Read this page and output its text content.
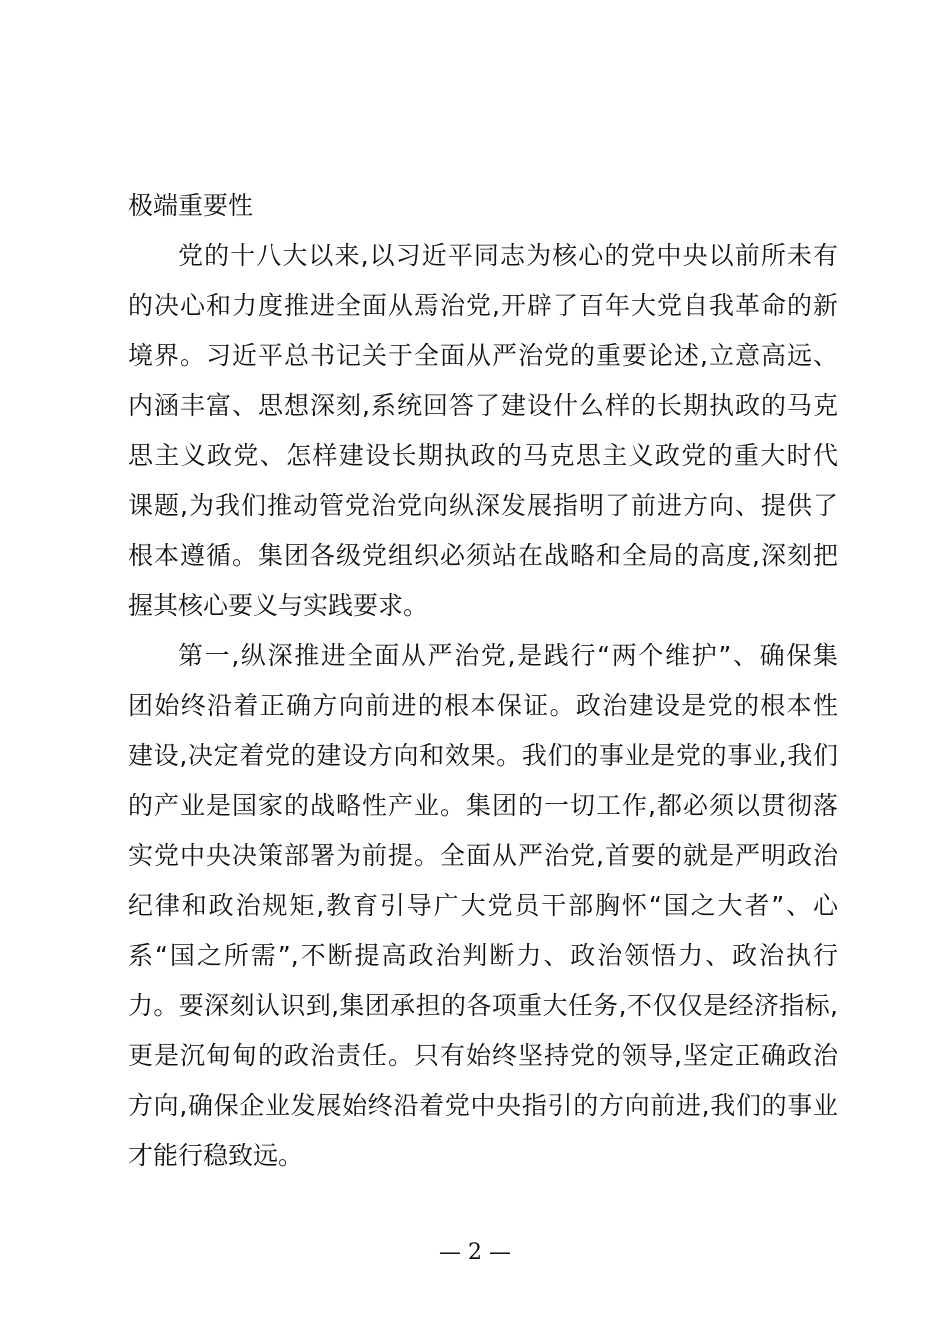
极端重要性
党的十八大以来,以习近平同志为核心的党中央以前所未有
的决心和力度推进全面从焉治党,开辟了百年大党自我革命的新
境界。习近平总书记关于全面从严治党的重要论述,立意高远、
内涵丰富、思想深刻,系统回答了建设什么样的长期执政的马克
思主义政党、怎样建设长期执政的马克思主义政党的重大时代
课题,为我们推动管党治党向纵深发展指明了前进方向、提供了
根本遵循。集团各级党组织必须站在战略和全局的高度,深刻把
握其核心要义与实践要求。
第一,纵深推进全面从严治党,是践行“两个维护”、确保集
团始终沿着正确方向前进的根本保证。政治建设是党的根本性
建设,决定着党的建设方向和效果。我们的事业是党的事业,我们
的产业是国家的战略性产业。集团的一切工作,都必须以贯彻落
实党中央决策部署为前提。全面从严治党,首要的就是严明政治
纪律和政治规矩,教育引导广大党员干部胸怀“国之大者”、心
系“国之所需”,不断提高政治判断力、政治领悟力、政治执行
力。要深刻认识到,集团承担的各项重大任务,不仅仅是经济指标,
更是沉甸甸的政治责任。只有始终坚持党的领导,坚定正确政治
方向,确保企业发展始终沿着党中央指引的方向前进,我们的事业
才能行稳致远。
— 2 —
